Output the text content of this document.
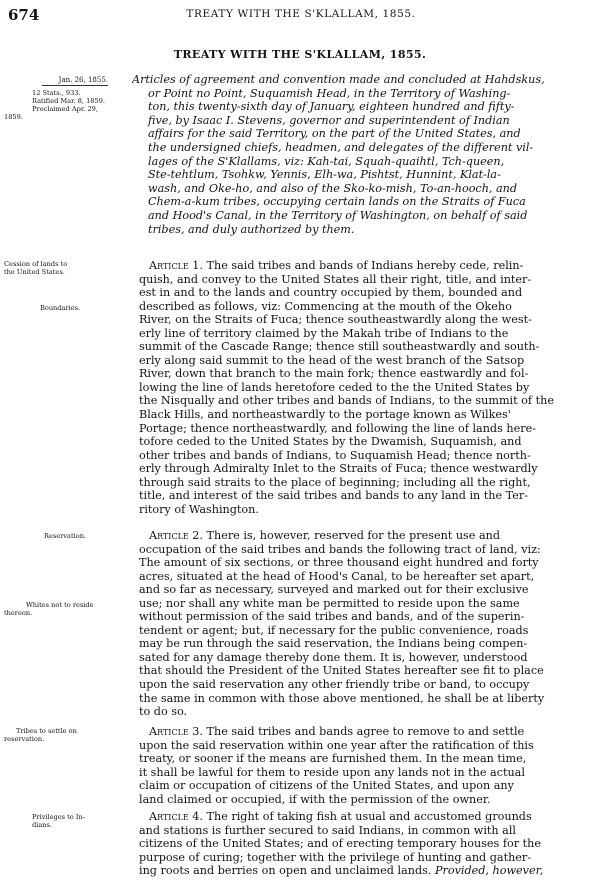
674	TREATY WITH THE S'KLALLAM, 1855.
TREATY WITH THE S'KLALLAM, 1855.
Jan. 26, 1855.
12 Stats., 933.
Ratified Mar. 8, 1859.
Proclaimed Apr. 29,
1859.
Cession of lands to
the United States.
Boundaries.
Reservation.
Whites not to reside
thereon.
Tribes to settle on
reservation.
Privileges to In-
dians.
Articles of agreement and convention made and concluded at Hahdskus,
or Point no Point, Suquamish Head, in the Territory of Washing-
ton, this twenty-sixth day of January, eighteen hundred and fifty-
five, by Isaac I. Stevens, governor and superintendent of Indian
affairs for the said Territory, on the part of the United States, and
the undersigned chiefs, headmen, and delegates of the different vil-
lages of the S'Klallams, viz: Kah-tai, Squah-quaihtl, Tch-queen,
Ste-tehtlum, Tsohkw, Yennis, Elh-wa, Pishtst, Hunnint, Klat-la-
wash, and Oke-ho, and also of the Sko-ko-mish, To-an-hooch, and
Chem-a-kum tribes, occupying certain lands on the Straits of Fuca
and Hood's Canal, in the Territory of Washington, on behalf of said
tribes, and duly authorized by them.
Article 1. The said tribes and bands of Indians hereby cede, relin-
quish, and convey to the United States all their right, title, and inter-
est in and to the lands and country occupied by them, bounded and
described as follows, viz: Commencing at the mouth of the Okeho
River, on the Straits of Fuca; thence southeastwardly along the west-
erly line of territory claimed by the Makah tribe of Indians to the
summit of the Cascade Range; thence still southeastwardly and south-
erly along said summit to the head of the west branch of the Satsop
River, down that branch to the main fork; thence eastwardly and fol-
lowing the line of lands heretofore ceded to the the United States by
the Nisqually and other tribes and bands of Indians, to the summit of the
Black Hills, and northeastwardly to the portage known as Wilkes'
Portage; thence northeastwardly, and following the line of lands here-
tofore ceded to the United States by the Dwamish, Suquamish, and
other tribes and bands of Indians, to Suquamish Head; thence north-
erly through Admiralty Inlet to the Straits of Fuca; thence westwardly
through said straits to the place of beginning; including all the right,
title, and interest of the said tribes and bands to any land in the Ter-
ritory of Washington.
Article 2. There is, however, reserved for the present use and
occupation of the said tribes and bands the following tract of land, viz:
The amount of six sections, or three thousand eight hundred and forty
acres, situated at the head of Hood's Canal, to be hereafter set apart,
and so far as necessary, surveyed and marked out for their exclusive
use; nor shall any white man be permitted to reside upon the same
without permission of the said tribes and bands, and of the superin-
tendent or agent; but, if necessary for the public convenience, roads
may be run through the said reservation, the Indians being compen-
sated for any damage thereby done them. It is, however, understood
that should the President of the United States hereafter see fit to place
upon the said reservation any other friendly tribe or band, to occupy
the same in common with those above mentioned, he shall be at liberty
to do so.
Article 3. The said tribes and bands agree to remove to and settle
upon the said reservation within one year after the ratification of this
treaty, or sooner if the means are furnished them. In the mean time,
it shall be lawful for them to reside upon any lands not in the actual
claim or occupation of citizens of the United States, and upon any
land claimed or occupied, if with the permission of the owner.
Article 4. The right of taking fish at usual and accustomed grounds
and stations is further secured to said Indians, in common with all
citizens of the United States; and of erecting temporary houses for the
purpose of curing; together with the privilege of hunting and gather-
ing roots and berries on open and unclaimed lands. Provided, however,
